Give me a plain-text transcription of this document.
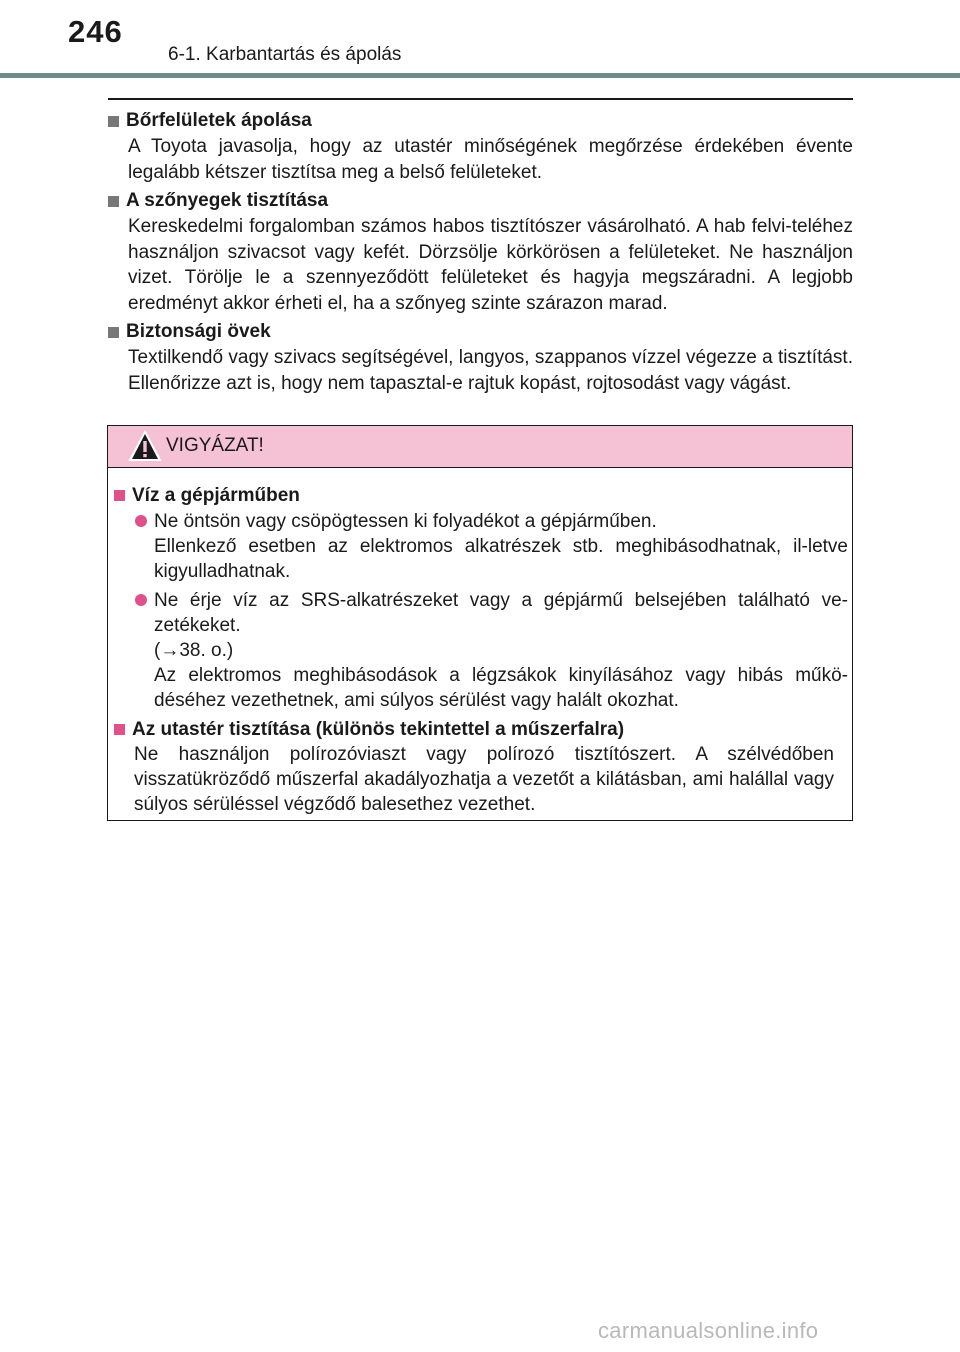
246
6-1. Karbantartás és ápolás
Bőrfelületek ápolása
A Toyota javasolja, hogy az utastér minőségének megőrzése érdekében évente legalább kétszer tisztítsa meg a belső felületeket.
A szőnyegek tisztítása
Kereskedelmi forgalomban számos habos tisztítószer vásárolható. A hab felvi-teléhez használjon szivacsot vagy kefét. Dörzsölje körkörösen a felületeket. Ne használjon vizet. Törölje le a szennyeződött felületeket és hagyja megszáradni. A legjobb eredményt akkor érheti el, ha a szőnyeg szinte szárazon marad.
Biztonsági övek
Textilkendő vagy szivacs segítségével, langyos, szappanos vízzel végezze a tisztítást. Ellenőrizze azt is, hogy nem tapasztal-e rajtuk kopást, rojtosodást vagy vágást.
VIGYÁZAT!
Víz a gépjárműben

Ne öntsön vagy csöpögtessen ki folyadékot a gépjárműben.

Ellenkező esetben az elektromos alkatrészek stb. meghibásodhatnak, il-letve kigyulladhatnak.

Ne érje víz az SRS-alkatrészeket vagy a gépjármű belsejében található ve-zetékeket.

(→38. o.)

Az elektromos meghibásodások a légzsákok kinyílásához vagy hibás műkö-déséhez vezethetnek, ami súlyos sérülést vagy halált okozhat.

Az utastér tisztítása (különös tekintettel a műszerfalra)
Ne használjon polírozóviaszt vagy polírozó tisztítószert. A szélvédőben visszatükröződő műszerfal akadályozhatja a vezetőt a kilátásban, ami halállal vagy súlyos sérüléssel végződő balesethez vezethet.
carmanualsonline.info
